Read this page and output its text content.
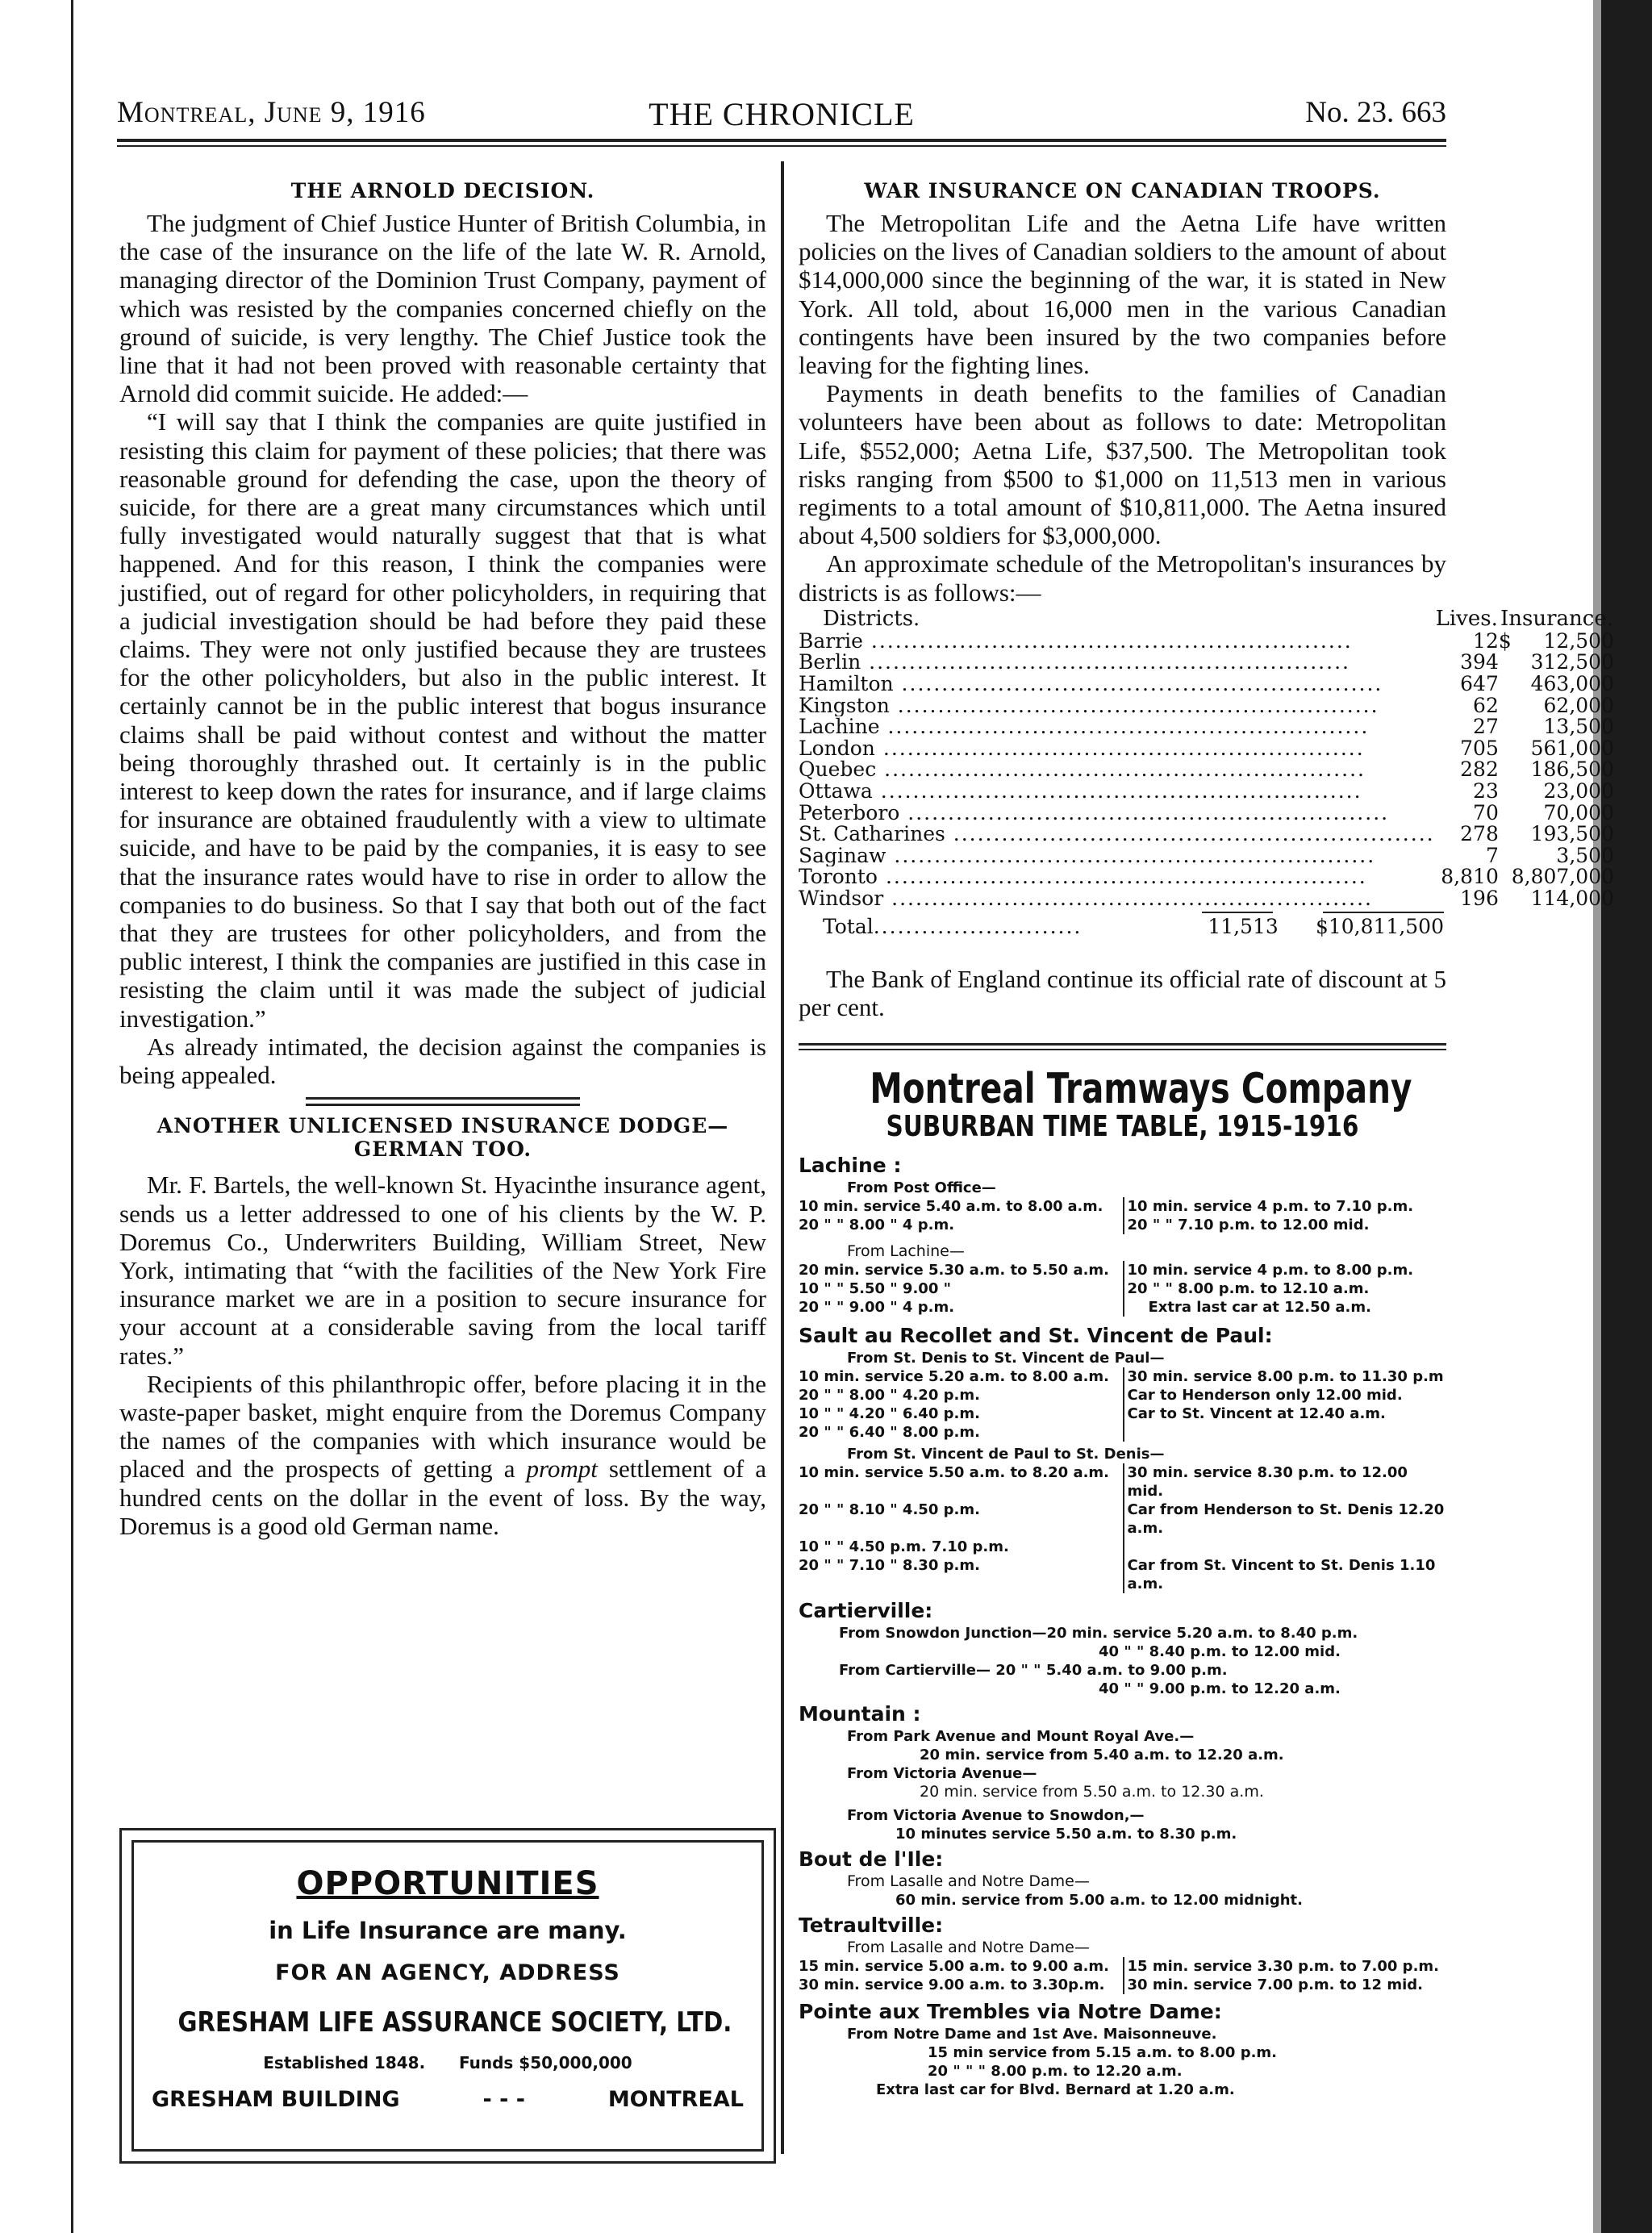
Montreal, June 9, 1916	THE CHRONICLE	No. 23. 663
THE ARNOLD DECISION.

The judgment of Chief Justice Hunter of British Columbia, in the case of the insurance on the life of the late W. R. Arnold, managing director of the Dominion Trust Company, payment of which was resisted by the companies concerned chiefly on the ground of suicide, is very lengthy. The Chief Justice took the line that it had not been proved with reasonable certainty that Arnold did commit suicide. He added:—

“I will say that I think the companies are quite justified in resisting this claim for payment of these policies; that there was reasonable ground for defending the case, upon the theory of suicide, for there are a great many circumstances which until fully investigated would naturally suggest that that is what happened. And for this reason, I think the companies were justified, out of regard for other policyholders, in requiring that a judicial investigation should be had before they paid these claims. They were not only justified because they are trustees for the other policyholders, but also in the public interest. It certainly cannot be in the public interest that bogus insurance claims shall be paid without contest and without the matter being thoroughly thrashed out. It certainly is in the public interest to keep down the rates for insurance, and if large claims for insurance are obtained fraudulently with a view to ultimate suicide, and have to be paid by the companies, it is easy to see that the insurance rates would have to rise in order to allow the companies to do business. So that I say that both out of the fact that they are trustees for other policyholders, and from the public interest, I think the companies are justified in this case in resisting the claim until it was made the subject of judicial investigation.”

As already intimated, the decision against the companies is being appealed.

ANOTHER UNLICENSED INSURANCE DODGE—
GERMAN TOO.

Mr. F. Bartels, the well-known St. Hyacinthe insurance agent, sends us a letter addressed to one of his clients by the W. P. Doremus Co., Underwriters Building, William Street, New York, intimating that “with the facilities of the New York Fire insurance market we are in a position to secure insurance for your account at a considerable saving from the local tariff rates.”

Recipients of this philanthropic offer, before placing it in the waste-paper basket, might enquire from the Doremus Company the names of the companies with which insurance would be placed and the prospects of getting a prompt settlement of a hundred cents on the dollar in the event of loss. By the way, Doremus is a good old German name.

OPPORTUNITIES
in Life Insurance are many.
FOR AN AGENCY, ADDRESS
GRESHAM LIFE ASSURANCE SOCIETY, LTD.
Established 1848. Funds $50,000,000
GRESHAM BUILDING	- - -	MONTREAL
WAR INSURANCE ON CANADIAN TROOPS.

The Metropolitan Life and the Aetna Life have written policies on the lives of Canadian soldiers to the amount of about $14,000,000 since the beginning of the war, it is stated in New York. All told, about 16,000 men in the various Canadian contingents have been insured by the two companies before leaving for the fighting lines.

Payments in death benefits to the families of Canadian volunteers have been about as follows to date: Metropolitan Life, $552,000; Aetna Life, $37,500. The Metropolitan took risks ranging from $500 to $1,000 on 11,513 men in various regiments to a total amount of $10,811,000. The Aetna insured about 4,500 soldiers for $3,000,000.

An approximate schedule of the Metropolitan's insurances by districts is as follows:—

Districts.	Lives.	Insurance.	
Barrie ............................................................	12	$	12,500
Berlin ............................................................	394		312,500
Hamilton ............................................................	647		463,000
Kingston ............................................................	62		62,000
Lachine ............................................................	27		13,500
London ............................................................	705		561,000
Quebec ............................................................	282		186,500
Ottawa ............................................................	23		23,000
Peterboro ............................................................	70		70,000
St. Catharines ............................................................	278		193,500
Saginaw ............................................................	7		3,500
Toronto ............................................................	8,810		8,807,000
Windsor ............................................................	196		114,000
Total..........................	11,513	$10,811,500

The Bank of England continue its official rate of discount at 5 per cent.

Montreal Tramways Company
SUBURBAN TIME TABLE, 1915-1916
Lachine :
From Post Office—
10 min. service 5.40 a.m. to 8.00 a.m.	10 min. service 4 p.m. to 7.10 p.m.
20 " " 8.00 " 4 p.m.	20 " " 7.10 p.m. to 12.00 mid.
From Lachine—
20 min. service 5.30 a.m. to 5.50 a.m.	10 min. service 4 p.m. to 8.00 p.m.
10 " " 5.50 " 9.00 "	20 " " 8.00 p.m. to 12.10 a.m.
20 " " 9.00 " 4 p.m.	Extra last car at 12.50 a.m.
Sault au Recollet and St. Vincent de Paul:
From St. Denis to St. Vincent de Paul—
10 min. service 5.20 a.m. to 8.00 a.m.	30 min. service 8.00 p.m. to 11.30 p.m
20 " " 8.00 " 4.20 p.m.	Car to Henderson only 12.00 mid.
10 " " 4.20 " 6.40 p.m.	Car to St. Vincent at 12.40 a.m.
20 " " 6.40 " 8.00 p.m.
From St. Vincent de Paul to St. Denis—
10 min. service 5.50 a.m. to 8.20 a.m.	30 min. service 8.30 p.m. to 12.00 mid.
20 " " 8.10 " 4.50 p.m.	Car from Henderson to St. Denis 12.20 a.m.
10 " " 4.50 p.m. 7.10 p.m.
20 " " 7.10 " 8.30 p.m.	Car from St. Vincent to St. Denis 1.10 a.m.
Cartierville:
From Snowdon Junction—20 min. service 5.20 a.m. to 8.40 p.m.
40 " " 8.40 p.m. to 12.00 mid.
From Cartierville— 20 " " 5.40 a.m. to 9.00 p.m.
40 " " 9.00 p.m. to 12.20 a.m.
Mountain :
From Park Avenue and Mount Royal Ave.—
20 min. service from 5.40 a.m. to 12.20 a.m.
From Victoria Avenue—
20 min. service from 5.50 a.m. to 12.30 a.m.
From Victoria Avenue to Snowdon,—
10 minutes service 5.50 a.m. to 8.30 p.m.
Bout de l'Ile:
From Lasalle and Notre Dame—
60 min. service from 5.00 a.m. to 12.00 midnight.
Tetraultville:
From Lasalle and Notre Dame—
15 min. service 5.00 a.m. to 9.00 a.m.	15 min. service 3.30 p.m. to 7.00 p.m.
30 min. service 9.00 a.m. to 3.30p.m.	30 min. service 7.00 p.m. to 12 mid.
Pointe aux Trembles via Notre Dame:
From Notre Dame and 1st Ave. Maisonneuve.
15 min service from 5.15 a.m. to 8.00 p.m.
20 " " " 8.00 p.m. to 12.20 a.m.
Extra last car for Blvd. Bernard at 1.20 a.m.
